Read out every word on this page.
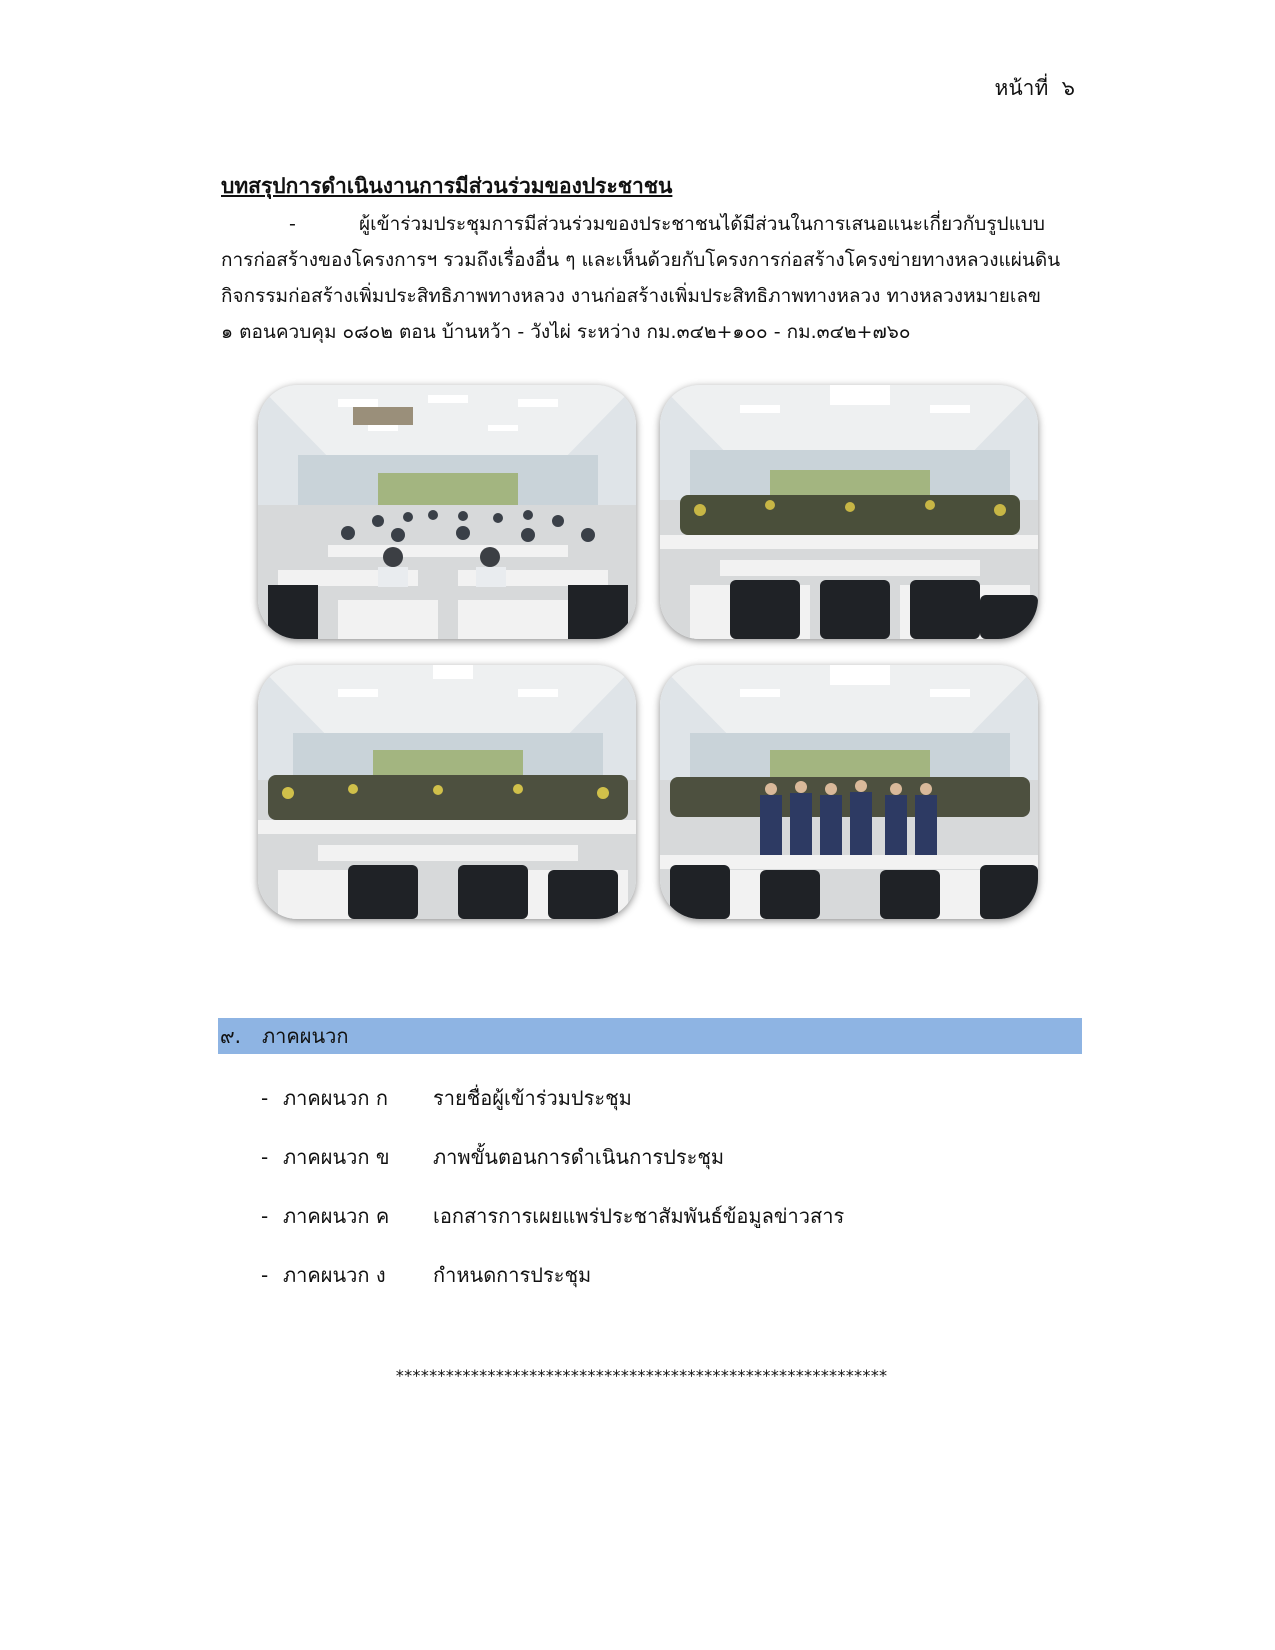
หน้าที่  ๖
บทสรุปการดำเนินงานการมีส่วนร่วมของประชาชน
-	ผู้เข้าร่วมประชุมการมีส่วนร่วมของประชาชนได้มีส่วนในการเสนอแนะเกี่ยวกับรูปแบบ
การก่อสร้างของโครงการฯ รวมถึงเรื่องอื่น ๆ และเห็นด้วยกับโครงการก่อสร้างโครงข่ายทางหลวงแผ่นดิน
กิจกรรมก่อสร้างเพิ่มประสิทธิภาพทางหลวง งานก่อสร้างเพิ่มประสิทธิภาพทางหลวง ทางหลวงหมายเลข
๑ ตอนควบคุม ๐๘๐๒ ตอน บ้านหว้า - วังไผ่ ระหว่าง กม.๓๔๒+๑๐๐ - กม.๓๔๒+๗๖๐
๙. ภาคผนวก
- ภาคผนวก ก รายชื่อผู้เข้าร่วมประชุม
- ภาคผนวก ข ภาพขั้นตอนการดำเนินการประชุม
- ภาคผนวก ค เอกสารการเผยแพร่ประชาสัมพันธ์ข้อมูลข่าวสาร
- ภาคผนวก ง กำหนดการประชุม
***********************************************************
